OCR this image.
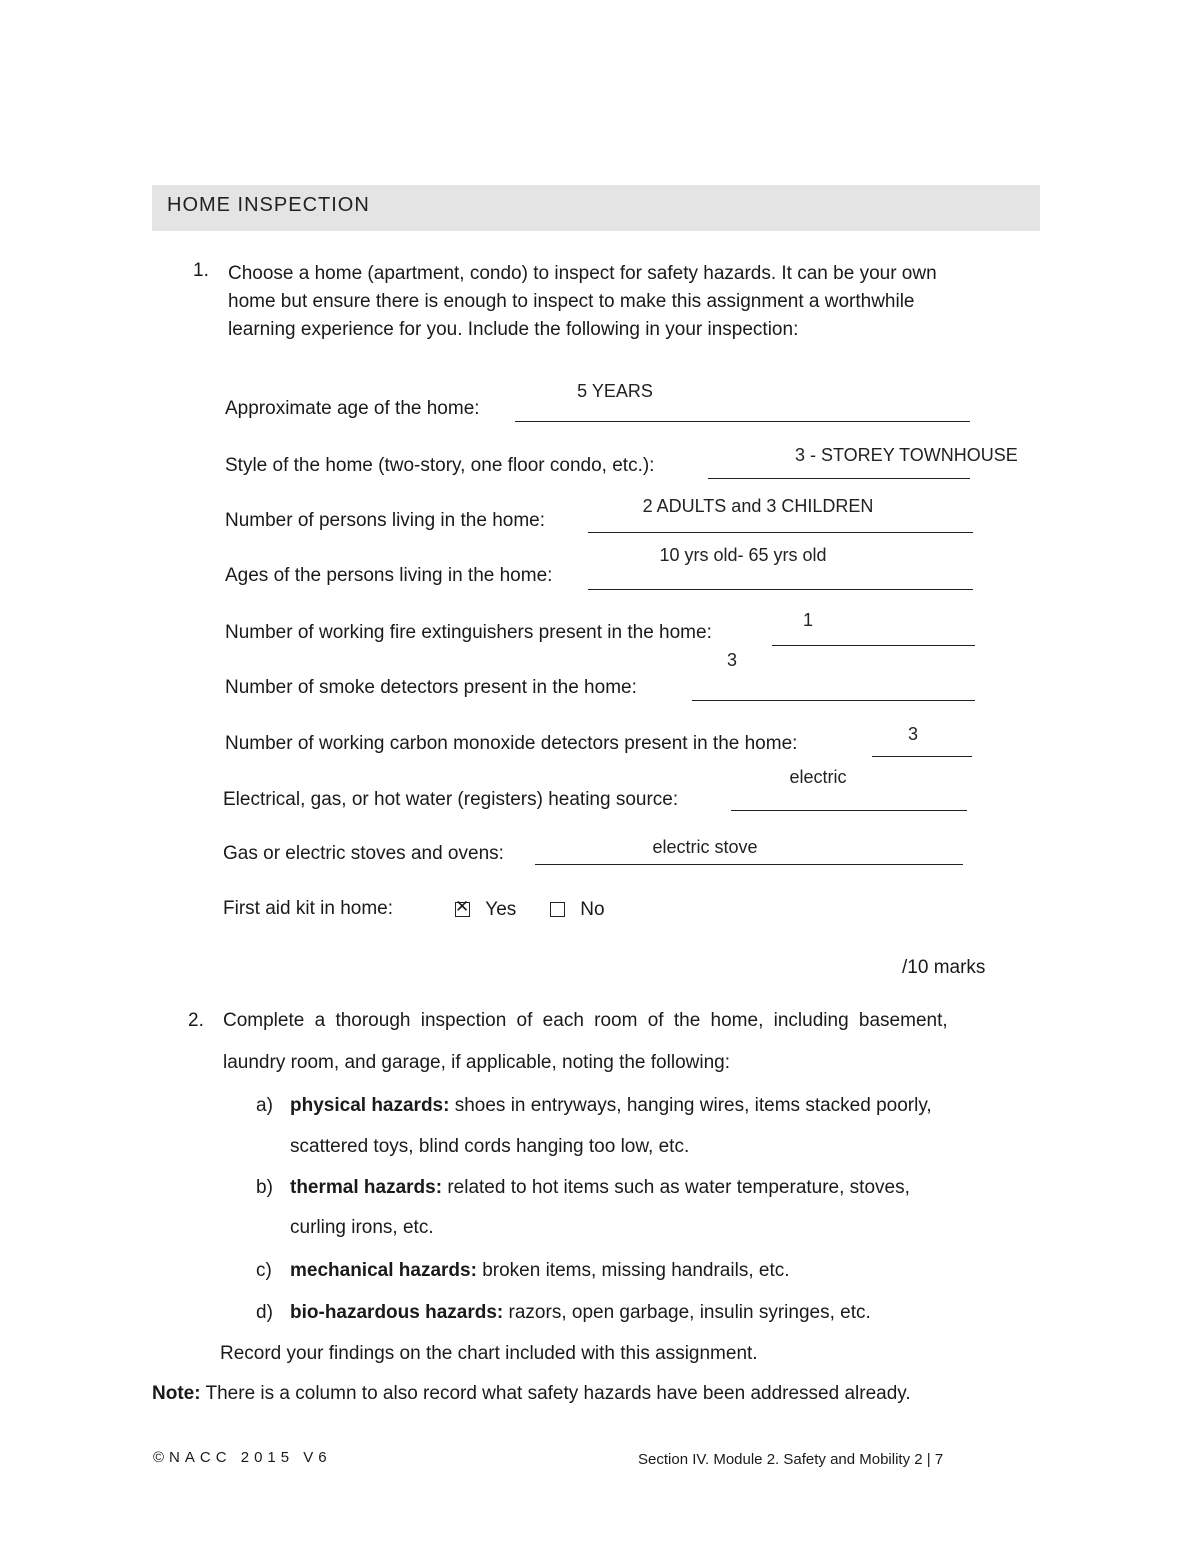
HOME INSPECTION
1. Choose a home (apartment, condo) to inspect for safety hazards. It can be your own
home but ensure there is enough to inspect to make this assignment a worthwhile
learning experience for you. Include the following in your inspection:
Approximate age of the home:
5 YEARS
Style of the home (two-story, one floor condo, etc.):	3 - STOREY TOWNHOUSE
Number of persons living in the home:
2 ADULTS and 3 CHILDREN
Ages of the persons living in the home:
10 yrs old- 65 yrs old
Number of working fire extinguishers present in the home:
1
Number of smoke detectors present in the home:
3
Number of working carbon monoxide detectors present in the home:	3
Electrical, gas, or hot water (registers) heating source:
electric
Gas or electric stoves and ovens:	electric stove
First aid kit in home:
✕	Yes	No
/10 marks
2. Complete a thorough inspection of each room of the home, including basement,
laundry room, and garage, if applicable, noting the following:
a) physical hazards: shoes in entryways, hanging wires, items stacked poorly,
scattered toys, blind cords hanging too low, etc.
b) thermal hazards: related to hot items such as water temperature, stoves,
curling irons, etc.
c) mechanical hazards: broken items, missing handrails, etc.
d) bio-hazardous hazards: razors, open garbage, insulin syringes, etc.
Record your findings on the chart included with this assignment.
Note: There is a column to also record what safety hazards have been addressed already.
©NACC 2015 V6	Section IV. Module 2. Safety and Mobility 2 | 7
